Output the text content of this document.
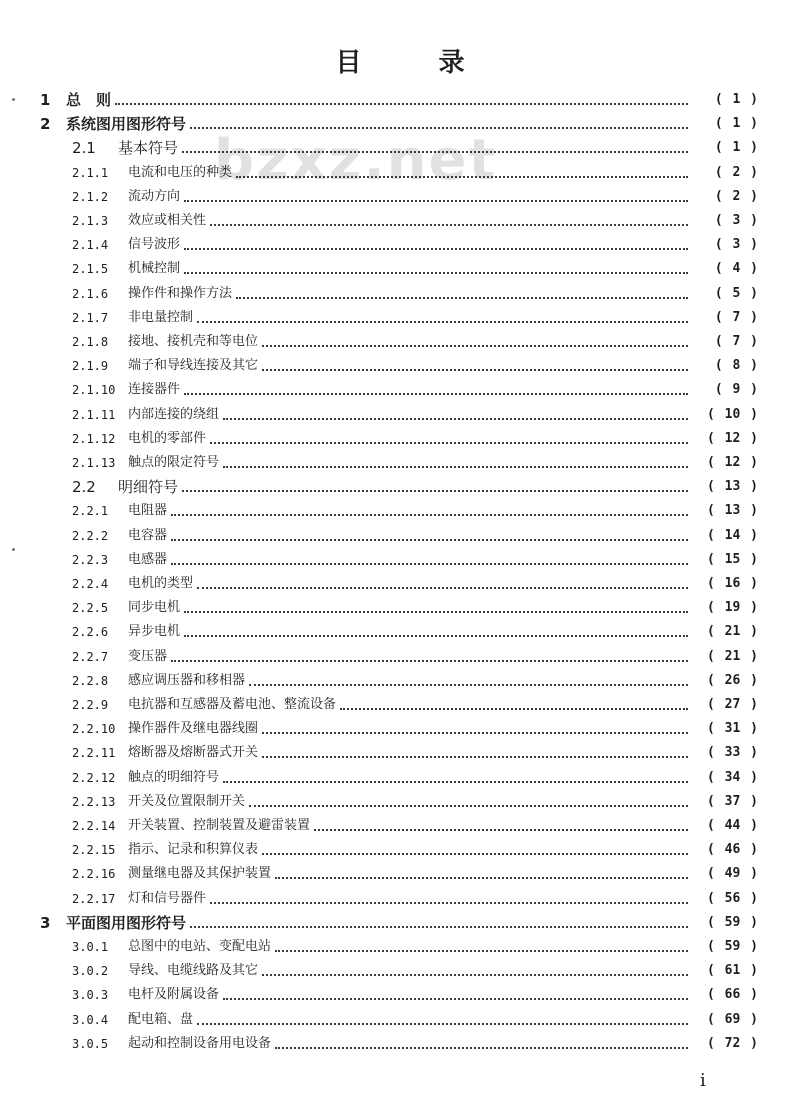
目 录
bzxz.net
1 总　则	( 1 )
2 系统图用图形符号	( 1 )
2.1 基本符号	( 1 )
2.1.1 电流和电压的种类	( 2 )
2.1.2 流动方向	( 2 )
2.1.3 效应或相关性	( 3 )
2.1.4 信号波形	( 3 )
2.1.5 机械控制	( 4 )
2.1.6 操作件和操作方法	( 5 )
2.1.7 非电量控制	( 7 )
2.1.8 接地、接机壳和等电位	( 7 )
2.1.9 端子和导线连接及其它	( 8 )
2.1.10 连接器件	( 9 )
2.1.11 内部连接的绕组	( 10 )
2.1.12 电机的零部件	( 12 )
2.1.13 触点的限定符号	( 12 )
2.2 明细符号	( 13 )
2.2.1 电阻器	( 13 )
2.2.2 电容器	( 14 )
2.2.3 电感器	( 15 )
2.2.4 电机的类型	( 16 )
2.2.5 同步电机	( 19 )
2.2.6 异步电机	( 21 )
2.2.7 变压器	( 21 )
2.2.8 感应调压器和移相器	( 26 )
2.2.9 电抗器和互感器及蓄电池、整流设备	( 27 )
2.2.10 操作器件及继电器线圈	( 31 )
2.2.11 熔断器及熔断器式开关	( 33 )
2.2.12 触点的明细符号	( 34 )
2.2.13 开关及位置限制开关	( 37 )
2.2.14 开关装置、控制装置及避雷装置	( 44 )
2.2.15 指示、记录和积算仪表	( 46 )
2.2.16 测量继电器及其保护装置	( 49 )
2.2.17 灯和信号器件	( 56 )
3 平面图用图形符号	( 59 )
3.0.1 总图中的电站、变配电站	( 59 )
3.0.2 导线、电缆线路及其它	( 61 )
3.0.3 电杆及附属设备	( 66 )
3.0.4 配电箱、盘	( 69 )
3.0.5 起动和控制设备用电设备	( 72 )
i
